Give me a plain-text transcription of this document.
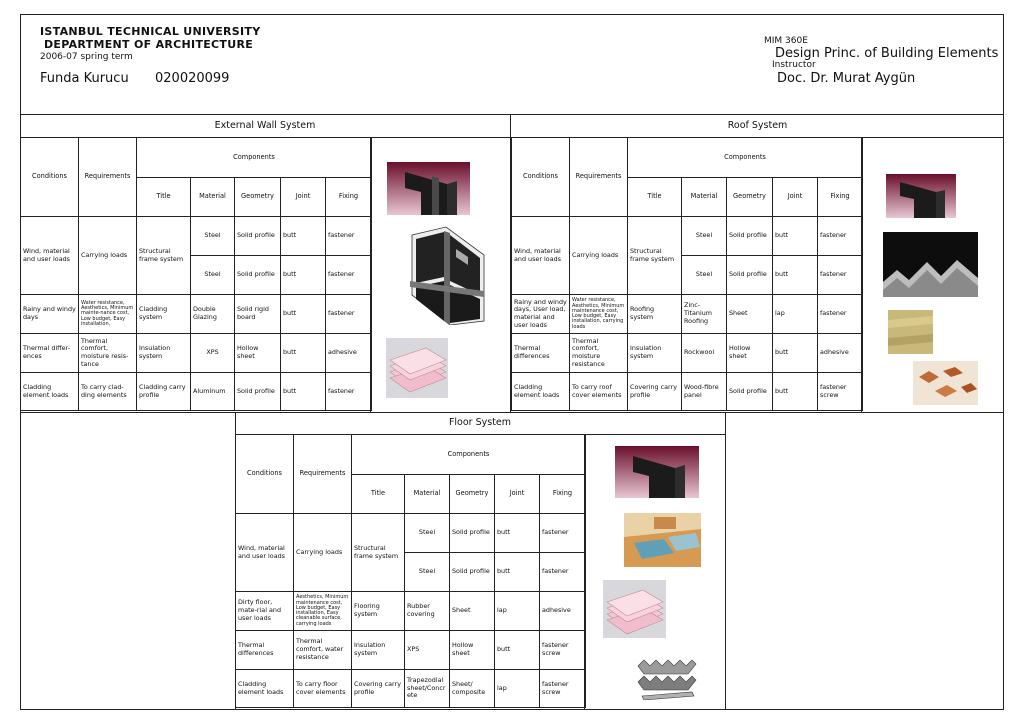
ISTANBUL TECHNICAL UNIVERSITY
DEPARTMENT OF ARCHITECTURE
2006-07 spring term
Funda Kurucu 020020099
MIM 360E
Design Princ. of Building Elements
Instructor
Doc. Dr. Murat Aygün
External Wall System	Roof System
Floor System
Conditions	Requirements	Components				
		Title	Material	Geometry	Joint	Fixing
Wind, material and user loads	Carrying loads	Structural frame system	Steel	Solid profile	butt	fastener
			Steel	Solid profile	butt	fastener
Rainy and windy days	Water resistance, Aesthetics, Minimum mainte-nance cost, Low budget, Easy installation,	Cladding system	Double Glazing	Solid rigid board	butt	fastener
Thermal differ-ences	Thermal comfort, moisture resis-tance	Insulation system	XPS	Hollow sheet	butt	adhesive
Cladding element loads	To carry clad-ding elements	Cladding carry profile	Aluminum	Solid profile	butt	fastener
Conditions	Requirements	Components				
		Title	Material	Geometry	Joint	Fixing
Wind, material and user loads	Carrying loads	Structural frame system	Steel	Solid profile	butt	fastener
			Steel	Solid profile	butt	fastener
Rainy and windy days, User load, material and user loads	Water resistance, Aesthetics, Minimum maintenance cost, Low budget, Easy installation, carrying loads	Roofing system	Zinc-Titanium Roofing	Sheet	lap	fastener
Thermal differences	Thermal comfort, moisture resistance	Insulation system	Rockwool	Hollow sheet	butt	adhesive
Cladding element loads	To carry roof cover elements	Covering carry profile	Wood-fibre panel	Solid profile	butt	fastener screw
Conditions	Requirements	Components				
		Title	Material	Geometry	Joint	Fixing
Wind, material and user loads	Carrying loads	Structural frame system	Steel	Solid profile	butt	fastener
			Steel	Solid profile	butt	fastener
Dirty floor, mate-rial and user loads	Aesthetics, Minimum maintenance cost, Low budget, Easy installation, Easy cleanable surface, carrying loads	Flooring system	Rubber covering	Sheet	lap	adhesive
Thermal differences	Thermal comfort, water resistance	Insulation system	XPS	Hollow sheet	butt	fastener screw
Cladding element loads	To carry floor cover elements	Covering carry profile	Trapezodial sheet/Concrete	Sheet/ composite	lap	fastener screw
